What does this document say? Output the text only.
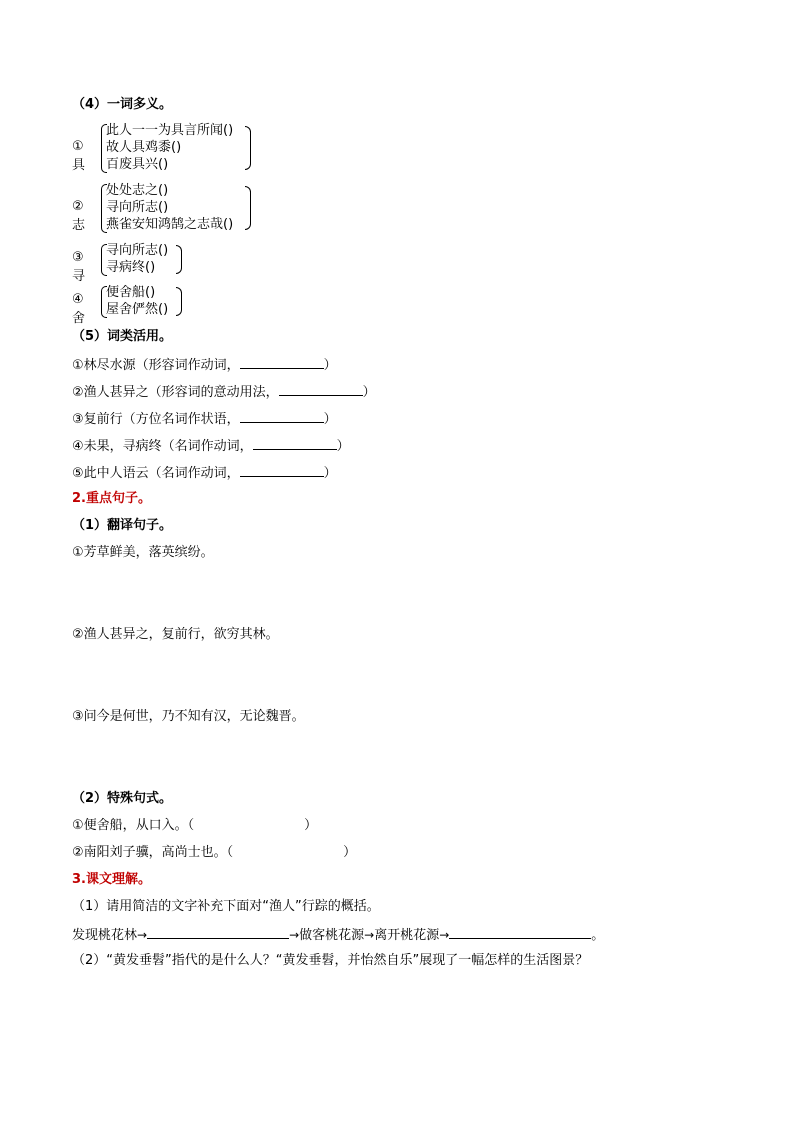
（4）一词多义。
①具
此人一一为具言所闻()
故人具鸡黍()
百废具兴()
②志
处处志之()
寻向所志()
燕雀安知鸿鹄之志哉()
③寻
寻向所志()
寻病终()
④舍
便舍船()
屋舍俨然()
（5）词类活用。
①林尽水源（形容词作动词，	）
②渔人甚异之（形容词的意动用法，	）
③复前行（方位名词作状语，	）
④未果，寻病终（名词作动词，	）
⑤此中人语云（名词作动词，	）
2.重点句子。
（1）翻译句子。
①芳草鲜美，落英缤纷。
②渔人甚异之，复前行，欲穷其林。
③问今是何世，乃不知有汉，无论魏晋。
（2）特殊句式。
①便舍船，从口入。（	）
②南阳刘子骥，高尚士也。（	）
3.课文理解。
（1）请用简洁的文字补充下面对“渔人”行踪的概括。
发现桃花林→	→做客桃花源→离开桃花源→	。
（2）“黄发垂髫”指代的是什么人？“黄发垂髫，并怡然自乐”展现了一幅怎样的生活图景？
